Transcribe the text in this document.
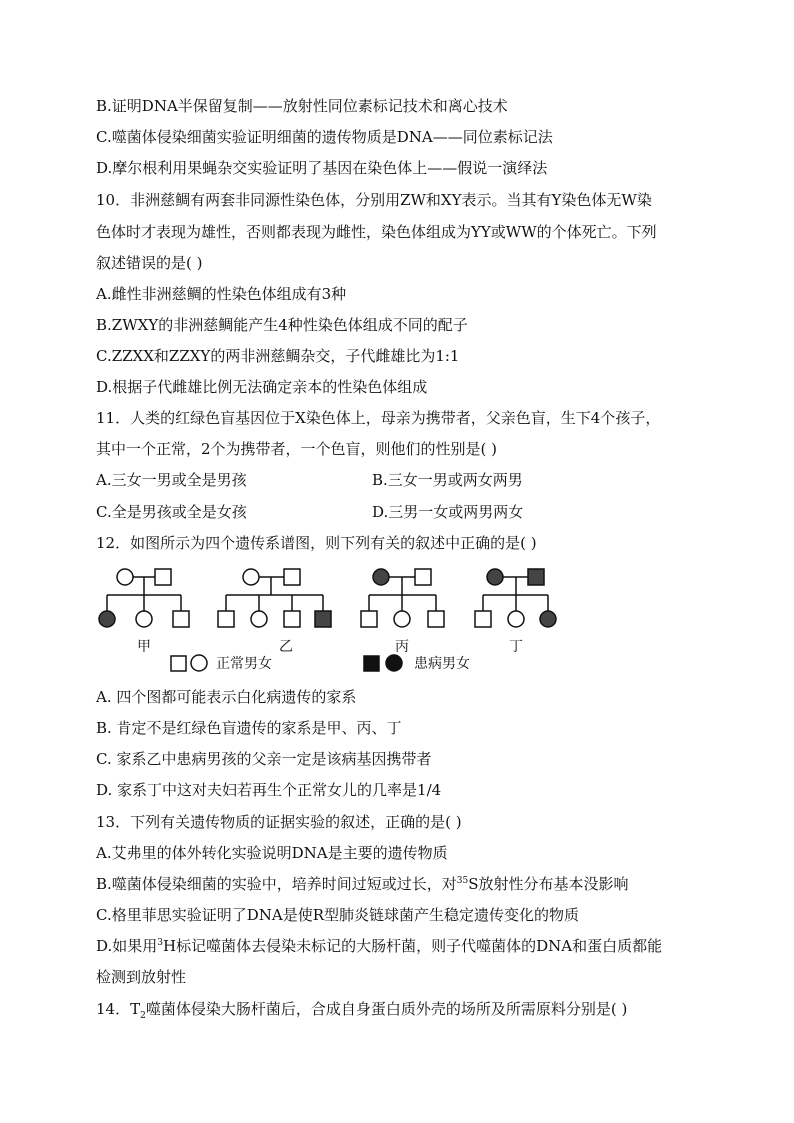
B.证明DNA半保留复制——放射性同位素标记技术和离心技术
C.噬菌体侵染细菌实验证明细菌的遗传物质是DNA——同位素标记法
D.摩尔根利用果蝇杂交实验证明了基因在染色体上——假说一演绎法
10．非洲慈鲷有两套非同源性染色体，分别用ZW和XY表示。当其有Y染色体无W染
色体时才表现为雄性，否则都表现为雌性，染色体组成为YY或WW的个体死亡。下列
叙述错误的是( )
A.雌性非洲慈鲷的性染色体组成有3种
B.ZWXY的非洲慈鲷能产生4种性染色体组成不同的配子
C.ZZXX和ZZXY的两非洲慈鲷杂交，子代雌雄比为1:1
D.根据子代雌雄比例无法确定亲本的性染色体组成
11．人类的红绿色盲基因位于X染色体上，母亲为携带者，父亲色盲，生下4个孩子，
其中一个正常，2个为携带者，一个色盲，则他们的性别是( )
A.三女一男或全是男孩	B.三女一男或两女两男
C.全是男孩或全是女孩	D.三男一女或两男两女
12．如图所示为四个遗传系谱图，则下列有关的叙述中正确的是( )
甲	乙	丙	丁
正常男女	患病男女
A. 四个图都可能表示白化病遗传的家系
B. 肯定不是红绿色盲遗传的家系是甲、丙、丁
C. 家系乙中患病男孩的父亲一定是该病基因携带者
D. 家系丁中这对夫妇若再生个正常女儿的几率是1/4
13．下列有关遗传物质的证据实验的叙述，正确的是( )
A.艾弗里的体外转化实验说明DNA是主要的遗传物质
B.噬菌体侵染细菌的实验中，培养时间过短或过长，对$^{35}$S放射性分布基本没影响
C.格里菲思实验证明了DNA是使R型肺炎链球菌产生稳定遗传变化的物质
D.如果用$^3$H标记噬菌体去侵染未标记的大肠杆菌，则子代噬菌体的DNA和蛋白质都能
检测到放射性
14．$T_2$噬菌体侵染大肠杆菌后，合成自身蛋白质外壳的场所及所需原料分别是( )
